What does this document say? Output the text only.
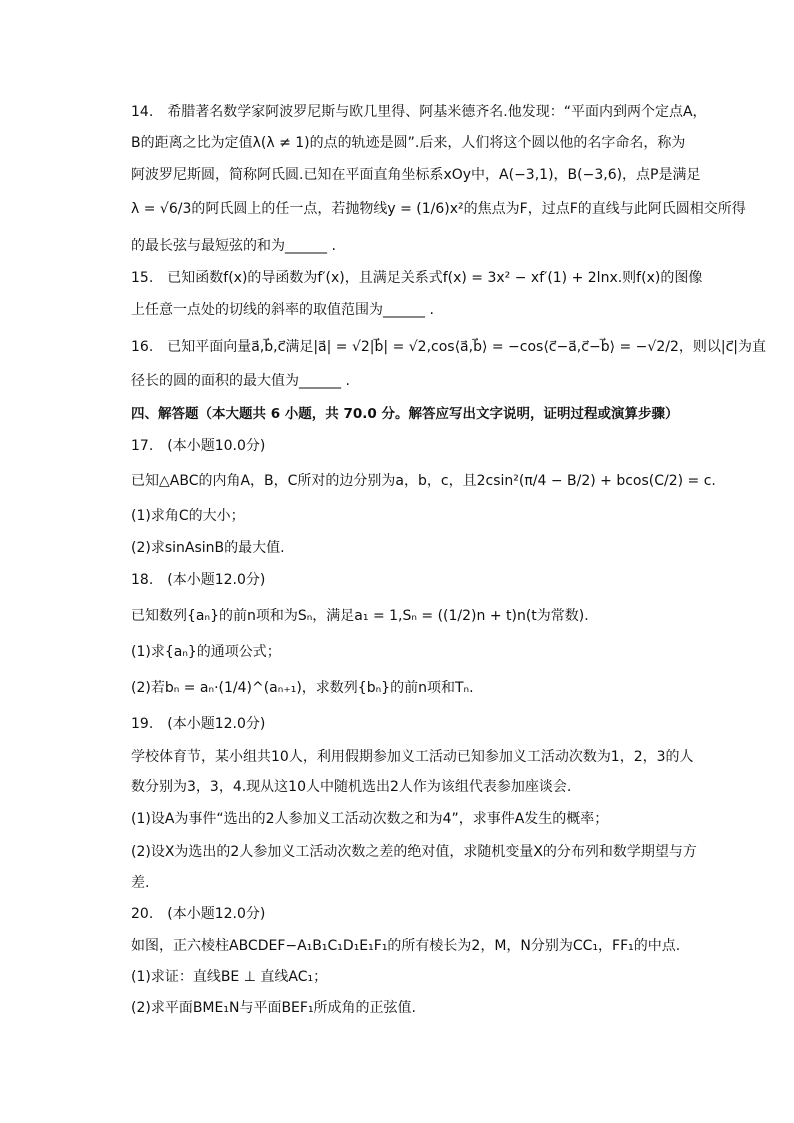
14.　希腊著名数学家阿波罗尼斯与欧几里得、阿基米德齐名.他发现：“平面内到两个定点A，
B的距离之比为定值λ(λ ≠ 1)的点的轨迹是圆”.后来，人们将这个圆以他的名字命名，称为
阿波罗尼斯圆，简称阿氏圆.已知在平面直角坐标系xOy中，A(−3,1)，B(−3,6)，点P是满足
λ = √6/3的阿氏圆上的任一点，若抛物线y = (1/6)x²的焦点为F，过点F的直线与此阿氏圆相交所得
的最长弦与最短弦的和为______ .
15.　已知函数f(x)的导函数为f′(x)，且满足关系式f(x) = 3x² − xf′(1) + 2lnx.则f(x)的图像
上任意一点处的切线的斜率的取值范围为______ .
16.　已知平面向量a⃗,b⃗,c⃗满足|a⃗| = √2|b⃗| = √2,cos⟨a⃗,b⃗⟩ = −cos⟨c⃗−a⃗,c⃗−b⃗⟩ = −√2/2，则以|c⃗|为直
径长的圆的面积的最大值为______ .
四、解答题（本大题共 6 小题，共 70.0 分。解答应写出文字说明，证明过程或演算步骤）
17.　(本小题10.0分)
已知△ABC的内角A，B，C所对的边分别为a，b，c，且2csin²(π/4 − B/2) + bcos(C/2) = c.
(1)求角C的大小；
(2)求sinAsinB的最大值.
18.　(本小题12.0分)
已知数列{aₙ}的前n项和为Sₙ，满足a₁ = 1,Sₙ = ((1/2)n + t)n(t为常数).
(1)求{aₙ}的通项公式；
(2)若bₙ = aₙ·(1/4)^(aₙ₊₁)，求数列{bₙ}的前n项和Tₙ.
19.　(本小题12.0分)
学校体育节，某小组共10人，利用假期参加义工活动已知参加义工活动次数为1，2，3的人
数分别为3，3，4.现从这10人中随机选出2人作为该组代表参加座谈会.
(1)设A为事件“选出的2人参加义工活动次数之和为4”，求事件A发生的概率；
(2)设X为选出的2人参加义工活动次数之差的绝对值，求随机变量X的分布列和数学期望与方
差.
20.　(本小题12.0分)
如图，正六棱柱ABCDEF−A₁B₁C₁D₁E₁F₁的所有棱长为2，M，N分别为CC₁，FF₁的中点.
(1)求证：直线BE ⊥ 直线AC₁；
(2)求平面BME₁N与平面BEF₁所成角的正弦值.
